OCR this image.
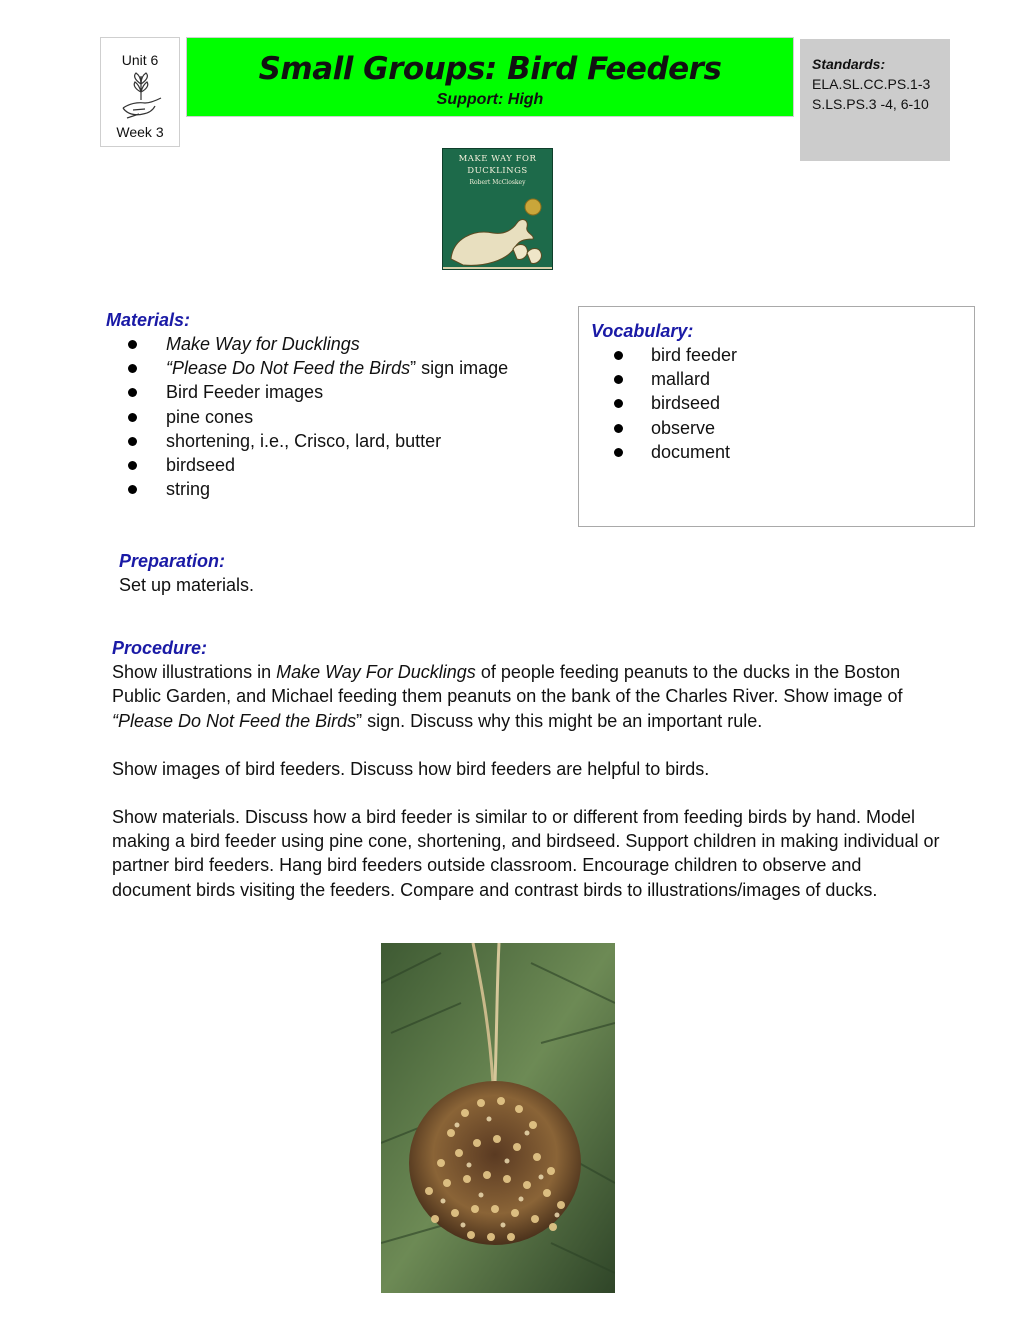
Unit 6
Week 3
Small Groups: Bird Feeders
Support: High
Standards:
ELA.SL.CC.PS.1-3
S.LS.PS.3 -4, 6-10
MAKE WAY FOR
DUCKLINGS
Robert McCloskey
Materials:
Make Way for Ducklings
“Please Do Not Feed the Birds” sign image
Bird Feeder images
pine cones
shortening, i.e., Crisco, lard, butter
birdseed
string
Vocabulary:
bird feeder
mallard
birdseed
observe
document
Preparation:
Set up materials.
Procedure:

Show illustrations in Make Way For Ducklings of people feeding peanuts to the ducks in the Boston Public Garden, and Michael feeding them peanuts on the bank of the Charles River. Show image of “Please Do Not Feed the Birds” sign. Discuss why this might be an important rule.

Show images of bird feeders. Discuss how bird feeders are helpful to birds.

Show materials. Discuss how a bird feeder is similar to or different from feeding birds by hand. Model making a bird feeder using pine cone, shortening, and birdseed. Support children in making individual or partner bird feeders. Hang bird feeders outside classroom. Encourage children to observe and document birds visiting the feeders. Compare and contrast birds to illustrations/images of ducks.
